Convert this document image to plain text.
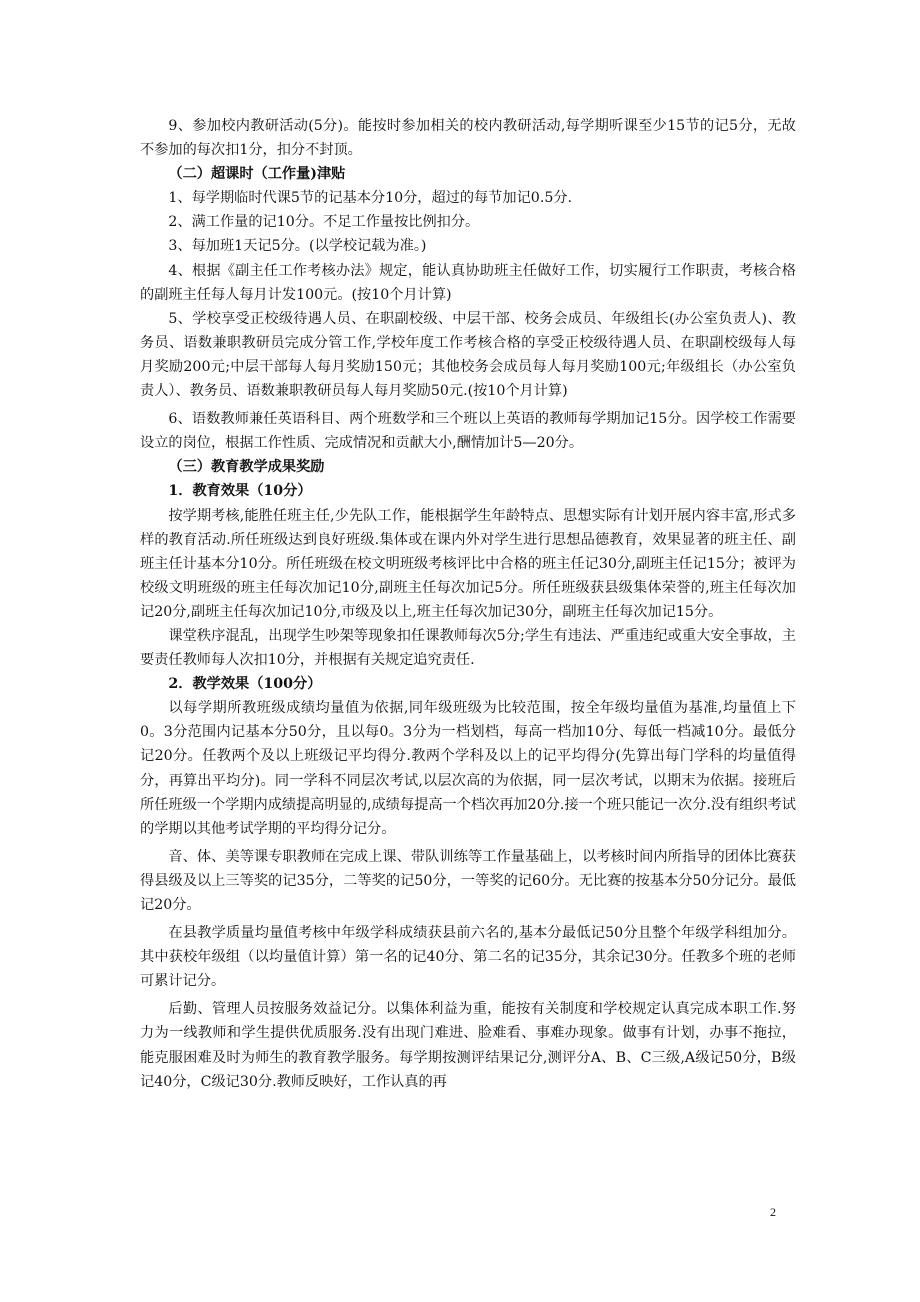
9、参加校内教研活动(5分)。能按时参加相关的校内教研活动,每学期听课至少15节的记5分，无故不参加的每次扣1分，扣分不封顶。

（二）超课时（工作量)津贴

1、每学期临时代课5节的记基本分10分，超过的每节加记0.5分.

2、满工作量的记10分。不足工作量按比例扣分。

3、每加班1天记5分。(以学校记载为准。)

4、根据《副主任工作考核办法》规定，能认真协助班主任做好工作，切实履行工作职责，考核合格的副班主任每人每月计发100元。(按10个月计算)

5、学校享受正校级待遇人员、在职副校级、中层干部、校务会成员、年级组长(办公室负责人)、教务员、语数兼职教研员完成分管工作,学校年度工作考核合格的享受正校级待遇人员、在职副校级每人每月奖励200元;中层干部每人每月奖励150元；其他校务会成员每人每月奖励100元;年级组长（办公室负责人）、教务员、语数兼职教研员每人每月奖励50元.(按10个月计算)

6、语数教师兼任英语科目、两个班数学和三个班以上英语的教师每学期加记15分。因学校工作需要设立的岗位，根据工作性质、完成情况和贡献大小,酬情加计5—20分。

（三）教育教学成果奖励

1．教育效果（10分）

按学期考核,能胜任班主任,少先队工作，能根据学生年龄特点、思想实际有计划开展内容丰富,形式多样的教育活动.所任班级达到良好班级.集体或在课内外对学生进行思想品德教育，效果显著的班主任、副班主任计基本分10分。所任班级在校文明班级考核评比中合格的班主任记30分,副班主任记15分；被评为校级文明班级的班主任每次加记10分,副班主任每次加记5分。所任班级获县级集体荣誉的,班主任每次加记20分,副班主任每次加记10分,市级及以上,班主任每次加记30分，副班主任每次加记15分。

课堂秩序混乱，出现学生吵架等现象扣任课教师每次5分;学生有违法、严重违纪或重大安全事故，主要责任教师每人次扣10分，并根据有关规定追究责任.

2．教学效果（100分）

以每学期所教班级成绩均量值为依据,同年级班级为比较范围，按全年级均量值为基准,均量值上下0。3分范围内记基本分50分，且以每0。3分为一档划档，每高一档加10分、每低一档减10分。最低分记20分。任教两个及以上班级记平均得分.教两个学科及以上的记平均得分(先算出每门学科的均量值得分，再算出平均分)。同一学科不同层次考试,以层次高的为依据，同一层次考试，以期末为依据。接班后所任班级一个学期内成绩提高明显的,成绩每提高一个档次再加20分.接一个班只能记一次分.没有组织考试的学期以其他考试学期的平均得分记分。

音、体、美等课专职教师在完成上课、带队训练等工作量基础上，以考核时间内所指导的团体比赛获得县级及以上三等奖的记35分，二等奖的记50分，一等奖的记60分。无比赛的按基本分50分记分。最低记20分。

在县教学质量均量值考核中年级学科成绩获县前六名的,基本分最低记50分且整个年级学科组加分。其中获校年级组（以均量值计算）第一名的记40分、第二名的记35分，其余记30分。任教多个班的老师可累计记分。

后勤、管理人员按服务效益记分。以集体利益为重，能按有关制度和学校规定认真完成本职工作.努力为一线教师和学生提供优质服务.没有出现门难进、脸难看、事难办现象。做事有计划，办事不拖拉，能克服困难及时为师生的教育教学服务。每学期按测评结果记分,测评分A、B、C三级,A级记50分，B级记40分，C级记30分.教师反映好，工作认真的再

2
